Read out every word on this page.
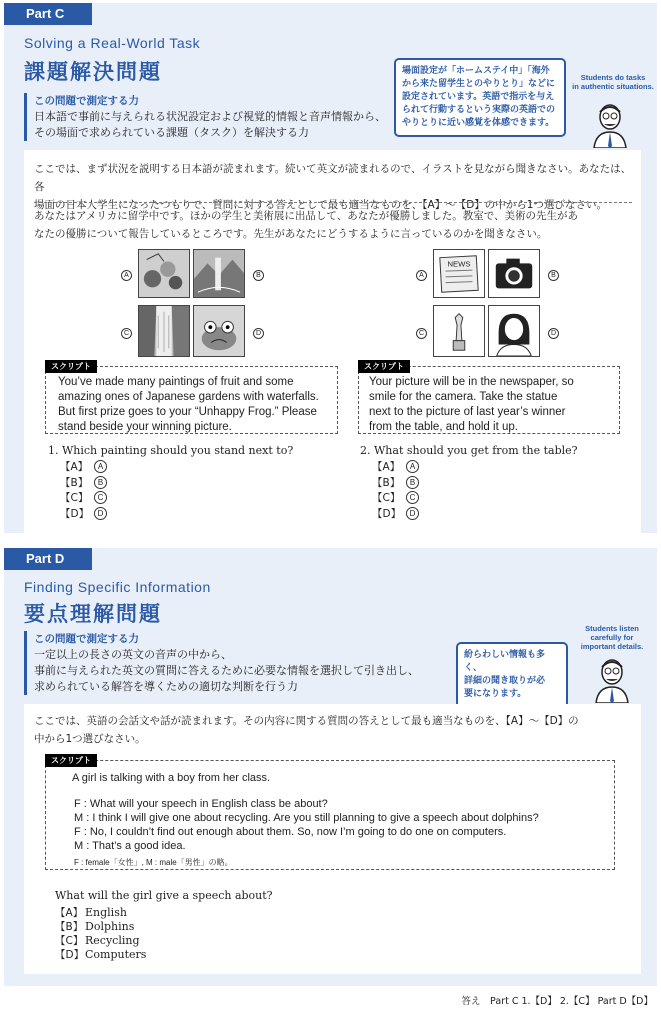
Part C
Solving a Real-World Task
課題解決問題
この問題で測定する力
日本語で事前に与えられる状況設定および視覚的情報と音声情報から、
その場面で求められている課題（タスク）を解決する力
場面設定が「ホームステイ中」「海外
から来た留学生とのやりとり」などに
設定されています。英語で指示を与え
られて行動するという実際の英語での
やりとりに近い感覚を体感できます。
Students do tasks
in authentic situations.
ここでは、まず状況を説明する日本語が読まれます。続いて英文が読まれるので、イラストを見ながら聞きなさい。あなたは、各
場面の日本人学生になったつもりで、質問に対する答えとして最も適当なものを、【A】～【D】の中から1つ選びなさい。
あなたはアメリカに留学中です。ほかの学生と美術展に出品して、あなたが優勝しました。教室で、美術の先生があ
なたの優勝について報告しているところです。先生があなたにどうするように言っているのかを聞きなさい。
A	B
C	D
NEWS
A	B
C	D
You’ve made many paintings of fruit and some
amazing ones of Japanese gardens with waterfalls.
But first prize goes to your “Unhappy Frog.” Please
stand beside your winning picture.
スクリプト
1. Which painting should you stand next to?
【A】	A
【B】	B
【C】	C
【D】	D
Your picture will be in the newspaper, so
smile for the camera. Take the statue
next to the picture of last year’s winner
from the table, and hold it up.
スクリプト
2. What should you get from the table?
【A】	A
【B】	B
【C】	C
【D】	D
Part D
Finding Specific Information
要点理解問題
この問題で測定する力
一定以上の長さの英文の音声の中から、
事前に与えられた英文の質問に答えるために必要な情報を選択して引き出し、
求められている解答を導くための適切な判断を行う力
紛らわしい情報も多く、
詳細の聞き取りが必
要になります。
Students listen
carefully for
important details.
ここでは、英語の会話文や話が読まれます。その内容に関する質問の答えとして最も適当なものを、【A】～【D】の
中から1つ選びなさい。
A girl is talking with a boy from her class.
F : What will your speech in English class be about?
M : I think I will give one about recycling. Are you still planning to give a speech about dolphins?
F : No, I couldn’t find out enough about them. So, now I’m going to do one on computers.
M : That’s a good idea.
F : female「女性」, M : male「男性」の略。
スクリプト
What will the girl give a speech about?
【A】 English
【B】 Dolphins
【C】 Recycling
【D】 Computers
答え　Part C 1.【D】 2.【C】 Part D【D】
